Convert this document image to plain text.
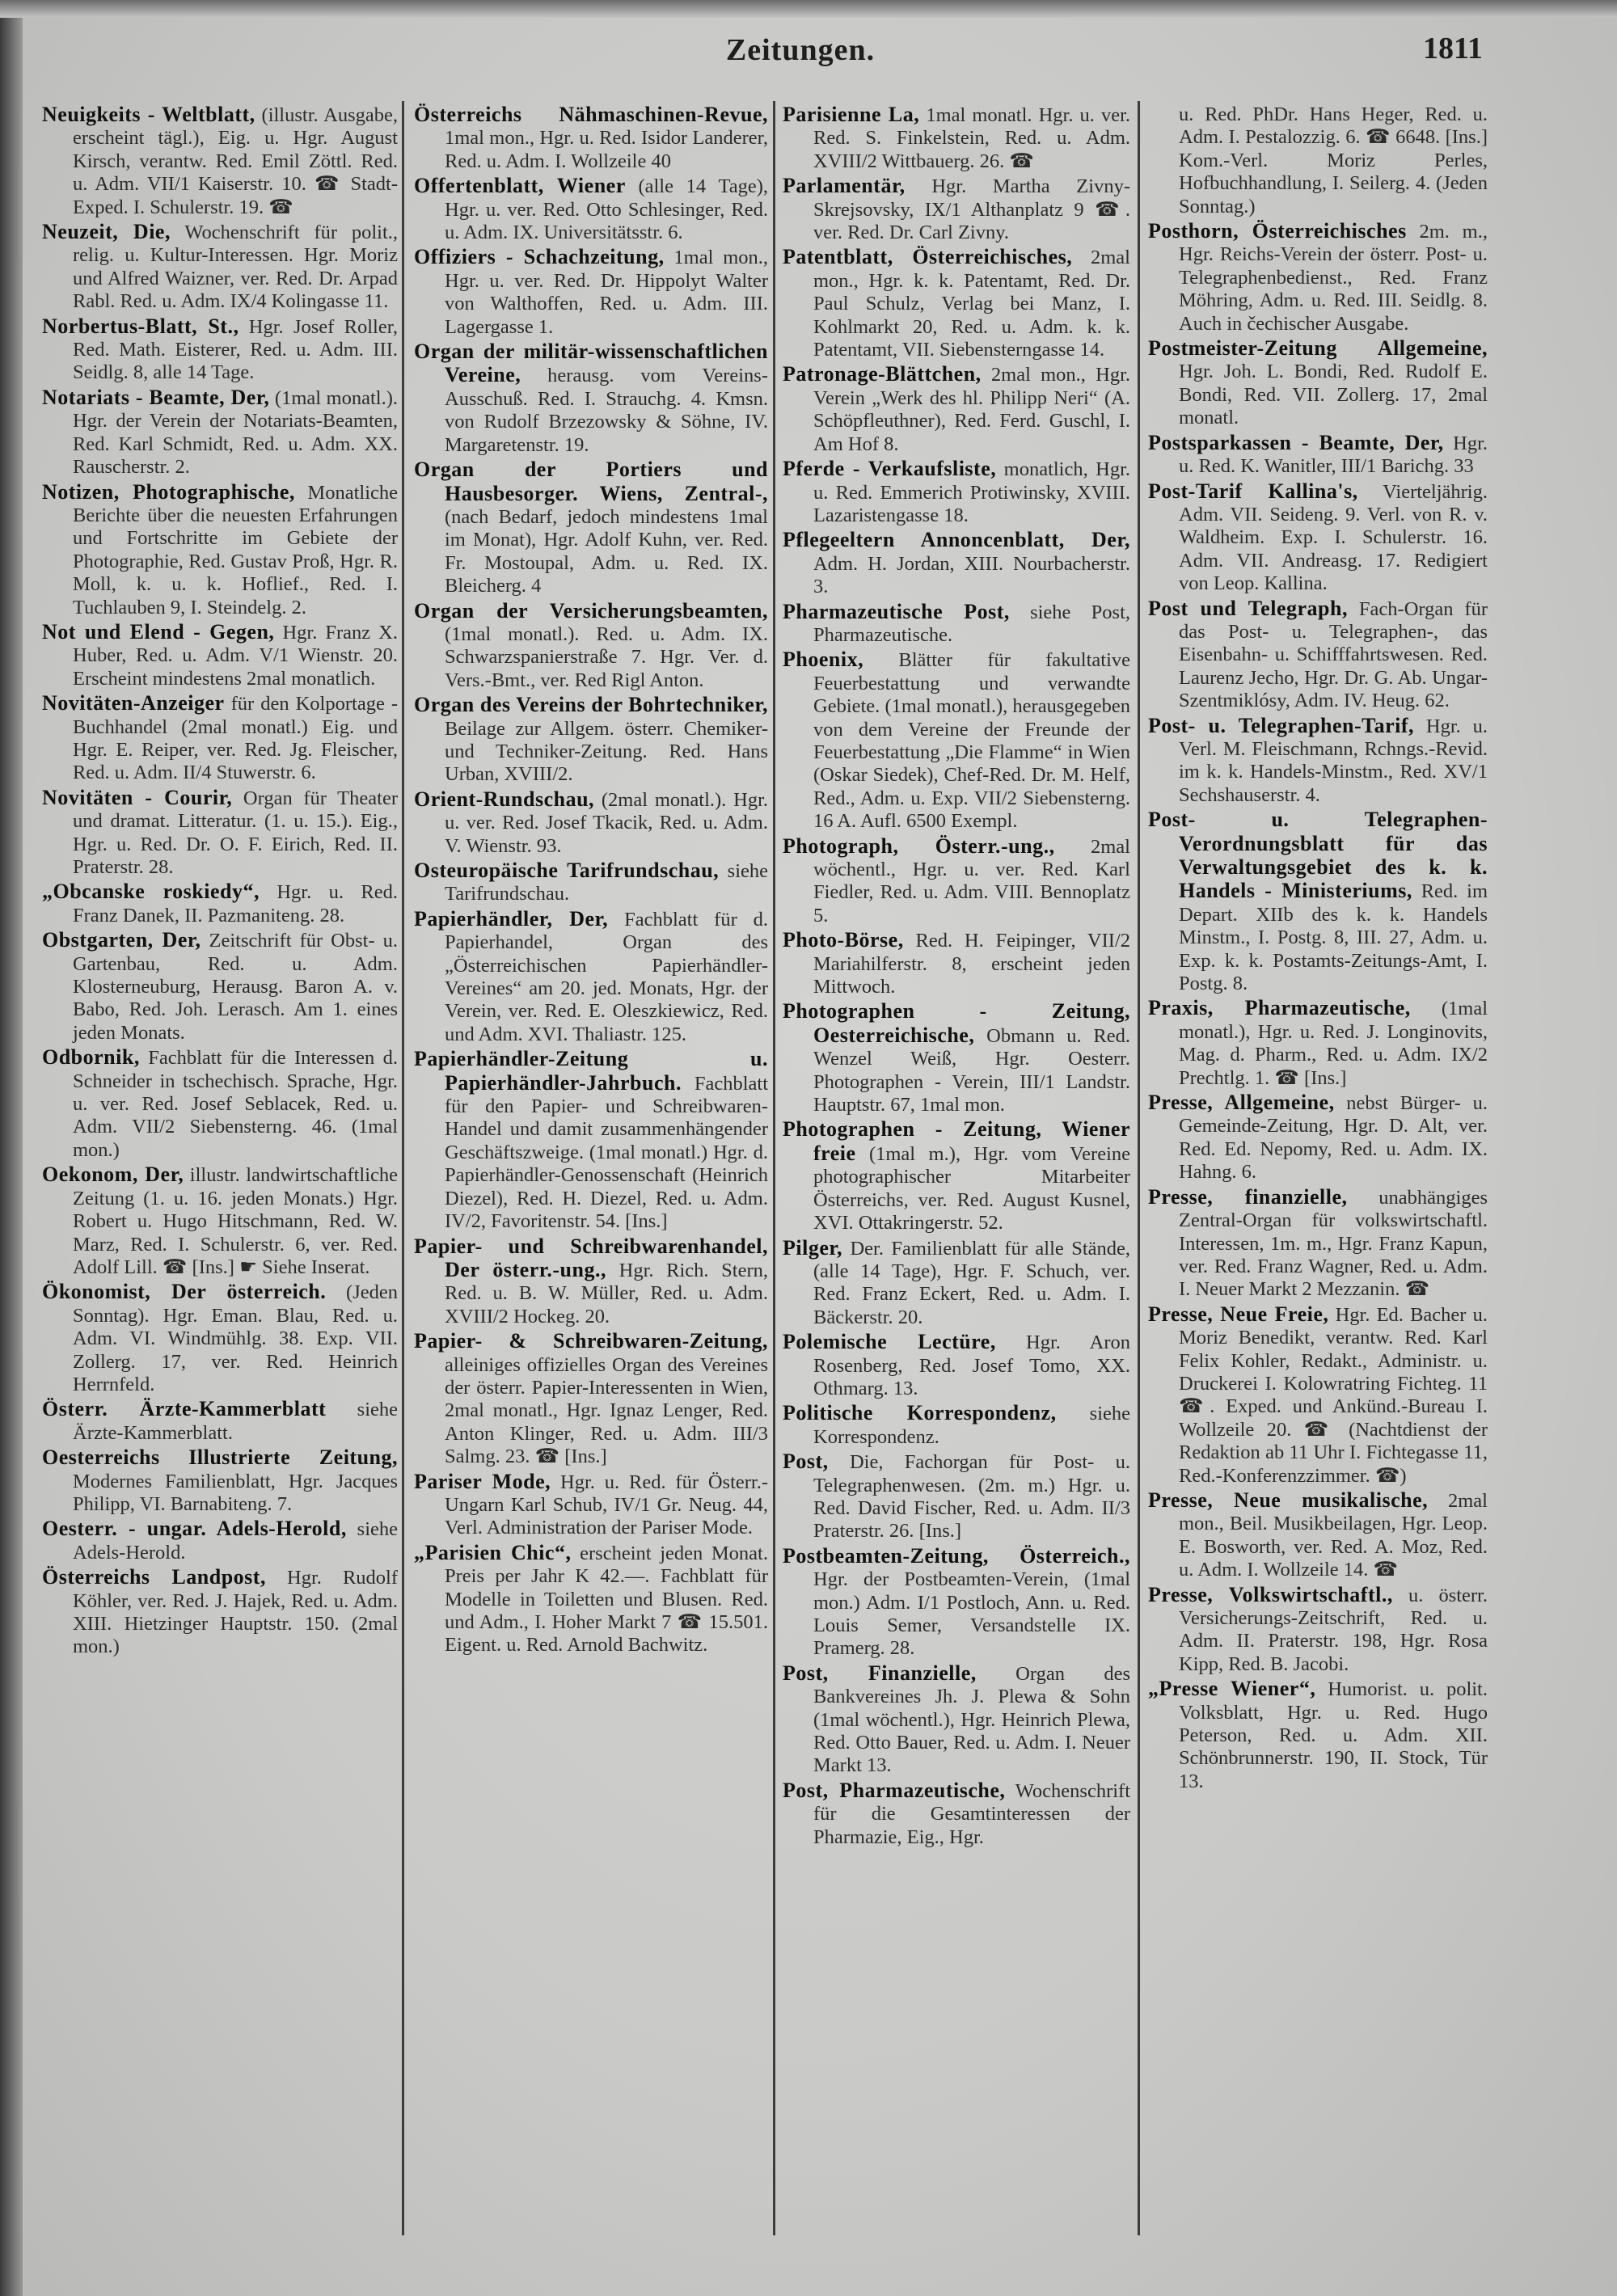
Zeitungen.	1811
Neuigkeits - Weltblatt, (illustr. Ausgabe, erscheint tägl.), Eig. u. Hgr. August Kirsch, verantw. Red. Emil Zöttl. Red. u. Adm. VII/1 Kaiserstr. 10. ☎ Stadt-Exped. I. Schulerstr. 19. ☎
Neuzeit, Die, Wochenschrift für polit., relig. u. Kultur-Interessen. Hgr. Moriz und Alfred Waizner, ver. Red. Dr. Arpad Rabl. Red. u. Adm. IX/4 Kolingasse 11.
Norbertus-Blatt, St., Hgr. Josef Roller, Red. Math. Eisterer, Red. u. Adm. III. Seidlg. 8, alle 14 Tage.
Notariats - Beamte, Der, (1mal monatl.). Hgr. der Verein der Notariats-Beamten, Red. Karl Schmidt, Red. u. Adm. XX. Rauscherstr. 2.
Notizen, Photographische, Monatliche Berichte über die neuesten Erfahrungen und Fortschritte im Gebiete der Photographie, Red. Gustav Proß, Hgr. R. Moll, k. u. k. Hoflief., Red. I. Tuchlauben 9, I. Steindelg. 2.
Not und Elend - Gegen, Hgr. Franz X. Huber, Red. u. Adm. V/1 Wienstr. 20. Erscheint mindestens 2mal monatlich.
Novitäten-Anzeiger für den Kolportage - Buchhandel (2mal monatl.) Eig. und Hgr. E. Reiper, ver. Red. Jg. Fleischer, Red. u. Adm. II/4 Stuwerstr. 6.
Novitäten - Courir, Organ für Theater und dramat. Litteratur. (1. u. 15.). Eig., Hgr. u. Red. Dr. O. F. Eirich, Red. II. Praterstr. 28.
„Obcanske roskiedy“, Hgr. u. Red. Franz Danek, II. Pazmaniteng. 28.
Obstgarten, Der, Zeitschrift für Obst- u. Gartenbau, Red. u. Adm. Klosterneuburg, Herausg. Baron A. v. Babo, Red. Joh. Lerasch. Am 1. eines jeden Monats.
Odbornik, Fachblatt für die Interessen d. Schneider in tschechisch. Sprache, Hgr. u. ver. Red. Josef Seblacek, Red. u. Adm. VII/2 Siebensterng. 46. (1mal mon.)
Oekonom, Der, illustr. landwirtschaftliche Zeitung (1. u. 16. jeden Monats.) Hgr. Robert u. Hugo Hitschmann, Red. W. Marz, Red. I. Schulerstr. 6, ver. Red. Adolf Lill. ☎ [Ins.] ☛ Siehe Inserat.
Ökonomist, Der österreich. (Jeden Sonntag). Hgr. Eman. Blau, Red. u. Adm. VI. Windmühlg. 38. Exp. VII. Zollerg. 17, ver. Red. Heinrich Herrnfeld.
Österr. Ärzte-Kammerblatt siehe Ärzte-Kammerblatt.
Oesterreichs Illustrierte Zeitung, Modernes Familienblatt, Hgr. Jacques Philipp, VI. Barnabiteng. 7.
Oesterr. - ungar. Adels-Herold, siehe Adels-Herold.
Österreichs Landpost, Hgr. Rudolf Köhler, ver. Red. J. Hajek, Red. u. Adm. XIII. Hietzinger Hauptstr. 150. (2mal mon.)
Österreichs Nähmaschinen-Revue, 1mal mon., Hgr. u. Red. Isidor Landerer, Red. u. Adm. I. Wollzeile 40
Offertenblatt, Wiener (alle 14 Tage), Hgr. u. ver. Red. Otto Schlesinger, Red. u. Adm. IX. Universitätsstr. 6.
Offiziers - Schachzeitung, 1mal mon., Hgr. u. ver. Red. Dr. Hippolyt Walter von Walthoffen, Red. u. Adm. III. Lagergasse 1.
Organ der militär-wissenschaftlichen Vereine, herausg. vom Vereins-Ausschuß. Red. I. Strauchg. 4. Kmsn. von Rudolf Brzezowsky & Söhne, IV. Margaretenstr. 19.
Organ der Portiers und Hausbesorger. Wiens, Zentral-, (nach Bedarf, jedoch mindestens 1mal im Monat), Hgr. Adolf Kuhn, ver. Red. Fr. Mostoupal, Adm. u. Red. IX. Bleicherg. 4
Organ der Versicherungsbeamten, (1mal monatl.). Red. u. Adm. IX. Schwarzspanierstraße 7. Hgr. Ver. d. Vers.-Bmt., ver. Red Rigl Anton.
Organ des Vereins der Bohrtechniker, Beilage zur Allgem. österr. Chemiker- und Techniker-Zeitung. Red. Hans Urban, XVIII/2.
Orient-Rundschau, (2mal monatl.). Hgr. u. ver. Red. Josef Tkacik, Red. u. Adm. V. Wienstr. 93.
Osteuropäische Tarifrundschau, siehe Tarifrundschau.
Papierhändler, Der, Fachblatt für d. Papierhandel, Organ des „Österreichischen Papierhändler-Vereines“ am 20. jed. Monats, Hgr. der Verein, ver. Red. E. Oleszkiewicz, Red. und Adm. XVI. Thaliastr. 125.
Papierhändler-Zeitung u. Papierhändler-Jahrbuch. Fachblatt für den Papier- und Schreibwaren-Handel und damit zusammenhängender Geschäftszweige. (1mal monatl.) Hgr. d. Papierhändler-Genossenschaft (Heinrich Diezel), Red. H. Diezel, Red. u. Adm. IV/2, Favoritenstr. 54. [Ins.]
Papier- und Schreibwarenhandel, Der österr.-ung., Hgr. Rich. Stern, Red. u. B. W. Müller, Red. u. Adm. XVIII/2 Hockeg. 20.
Papier- & Schreibwaren-Zeitung, alleiniges offizielles Organ des Vereines der österr. Papier-Interessenten in Wien, 2mal monatl., Hgr. Ignaz Lenger, Red. Anton Klinger, Red. u. Adm. III/3 Salmg. 23. ☎ [Ins.]
Pariser Mode, Hgr. u. Red. für Österr.-Ungarn Karl Schub, IV/1 Gr. Neug. 44, Verl. Administration der Pariser Mode.
„Parisien Chic“, erscheint jeden Monat. Preis per Jahr K 42.—. Fachblatt für Modelle in Toiletten und Blusen. Red. und Adm., I. Hoher Markt 7 ☎ 15.501. Eigent. u. Red. Arnold Bachwitz.
Parisienne La, 1mal monatl. Hgr. u. ver. Red. S. Finkelstein, Red. u. Adm. XVIII/2 Wittbauerg. 26. ☎
Parlamentär, Hgr. Martha Zivny-Skrejsovsky, IX/1 Althanplatz 9 ☎. ver. Red. Dr. Carl Zivny.
Patentblatt, Österreichisches, 2mal mon., Hgr. k. k. Patentamt, Red. Dr. Paul Schulz, Verlag bei Manz, I. Kohlmarkt 20, Red. u. Adm. k. k. Patentamt, VII. Siebensterngasse 14.
Patronage-Blättchen, 2mal mon., Hgr. Verein „Werk des hl. Philipp Neri“ (A. Schöpfleuthner), Red. Ferd. Guschl, I. Am Hof 8.
Pferde - Verkaufsliste, monatlich, Hgr. u. Red. Emmerich Protiwinsky, XVIII. Lazaristengasse 18.
Pflegeeltern Annoncenblatt, Der, Adm. H. Jordan, XIII. Nourbacherstr. 3.
Pharmazeutische Post, siehe Post, Pharmazeutische.
Phoenix, Blätter für fakultative Feuerbestattung und verwandte Gebiete. (1mal monatl.), herausgegeben von dem Vereine der Freunde der Feuerbestattung „Die Flamme“ in Wien (Oskar Siedek), Chef-Red. Dr. M. Helf, Red., Adm. u. Exp. VII/2 Siebensterng. 16 A. Aufl. 6500 Exempl.
Photograph, Österr.-ung., 2mal wöchentl., Hgr. u. ver. Red. Karl Fiedler, Red. u. Adm. VIII. Bennoplatz 5.
Photo-Börse, Red. H. Feipinger, VII/2 Mariahilferstr. 8, erscheint jeden Mittwoch.
Photographen - Zeitung, Oesterreichische, Obmann u. Red. Wenzel Weiß, Hgr. Oesterr. Photographen - Verein, III/1 Landstr. Hauptstr. 67, 1mal mon.
Photographen - Zeitung, Wiener freie (1mal m.), Hgr. vom Vereine photographischer Mitarbeiter Österreichs, ver. Red. August Kusnel, XVI. Ottakringerstr. 52.
Pilger, Der. Familienblatt für alle Stände, (alle 14 Tage), Hgr. F. Schuch, ver. Red. Franz Eckert, Red. u. Adm. I. Bäckerstr. 20.
Polemische Lectüre, Hgr. Aron Rosenberg, Red. Josef Tomo, XX. Othmarg. 13.
Politische Korrespondenz, siehe Korrespondenz.
Post, Die, Fachorgan für Post- u. Telegraphenwesen. (2m. m.) Hgr. u. Red. David Fischer, Red. u. Adm. II/3 Praterstr. 26. [Ins.]
Postbeamten-Zeitung, Österreich., Hgr. der Postbeamten-Verein, (1mal mon.) Adm. I/1 Postloch, Ann. u. Red. Louis Semer, Versandstelle IX. Pramerg. 28.
Post, Finanzielle, Organ des Bankvereines Jh. J. Plewa & Sohn (1mal wöchentl.), Hgr. Heinrich Plewa, Red. Otto Bauer, Red. u. Adm. I. Neuer Markt 13.
Post, Pharmazeutische, Wochenschrift für die Gesamtinteressen der Pharmazie, Eig., Hgr.
u. Red. PhDr. Hans Heger, Red. u. Adm. I. Pestalozzig. 6. ☎ 6648. [Ins.] Kom.-Verl. Moriz Perles, Hofbuchhandlung, I. Seilerg. 4. (Jeden Sonntag.)
Posthorn, Österreichisches 2m. m., Hgr. Reichs-Verein der österr. Post- u. Telegraphenbedienst., Red. Franz Möhring, Adm. u. Red. III. Seidlg. 8. Auch in čechischer Ausgabe.
Postmeister-Zeitung Allgemeine, Hgr. Joh. L. Bondi, Red. Rudolf E. Bondi, Red. VII. Zollerg. 17, 2mal monatl.
Postsparkassen - Beamte, Der, Hgr. u. Red. K. Wanitler, III/1 Barichg. 33
Post-Tarif Kallina's, Vierteljährig. Adm. VII. Seideng. 9. Verl. von R. v. Waldheim. Exp. I. Schulerstr. 16. Adm. VII. Andreasg. 17. Redigiert von Leop. Kallina.
Post und Telegraph, Fach-Organ für das Post- u. Telegraphen-, das Eisenbahn- u. Schifffahrtswesen. Red. Laurenz Jecho, Hgr. Dr. G. Ab. Ungar-Szentmiklósy, Adm. IV. Heug. 62.
Post- u. Telegraphen-Tarif, Hgr. u. Verl. M. Fleischmann, Rchngs.-Revid. im k. k. Handels-Minstm., Red. XV/1 Sechshauserstr. 4.
Post- u. Telegraphen-Verordnungsblatt für das Verwaltungsgebiet des k. k. Handels - Ministeriums, Red. im Depart. XIIb des k. k. Handels Minstm., I. Postg. 8, III. 27, Adm. u. Exp. k. k. Postamts-Zeitungs-Amt, I. Postg. 8.
Praxis, Pharmazeutische, (1mal monatl.), Hgr. u. Red. J. Longinovits, Mag. d. Pharm., Red. u. Adm. IX/2 Prechtlg. 1. ☎ [Ins.]
Presse, Allgemeine, nebst Bürger- u. Gemeinde-Zeitung, Hgr. D. Alt, ver. Red. Ed. Nepomy, Red. u. Adm. IX. Hahng. 6.
Presse, finanzielle, unabhängiges Zentral-Organ für volkswirtschaftl. Interessen, 1m. m., Hgr. Franz Kapun, ver. Red. Franz Wagner, Red. u. Adm. I. Neuer Markt 2 Mezzanin. ☎
Presse, Neue Freie, Hgr. Ed. Bacher u. Moriz Benedikt, verantw. Red. Karl Felix Kohler, Redakt., Administr. u. Druckerei I. Kolowratring Fichteg. 11 ☎. Exped. und Ankünd.-Bureau I. Wollzeile 20. ☎ (Nachtdienst der Redaktion ab 11 Uhr I. Fichtegasse 11, Red.-Konferenzzimmer. ☎)
Presse, Neue musikalische, 2mal mon., Beil. Musikbeilagen, Hgr. Leop. E. Bosworth, ver. Red. A. Moz, Red. u. Adm. I. Wollzeile 14. ☎
Presse, Volkswirtschaftl., u. österr. Versicherungs-Zeitschrift, Red. u. Adm. II. Praterstr. 198, Hgr. Rosa Kipp, Red. B. Jacobi.
„Presse Wiener“, Humorist. u. polit. Volksblatt, Hgr. u. Red. Hugo Peterson, Red. u. Adm. XII. Schönbrunnerstr. 190, II. Stock, Tür 13.
